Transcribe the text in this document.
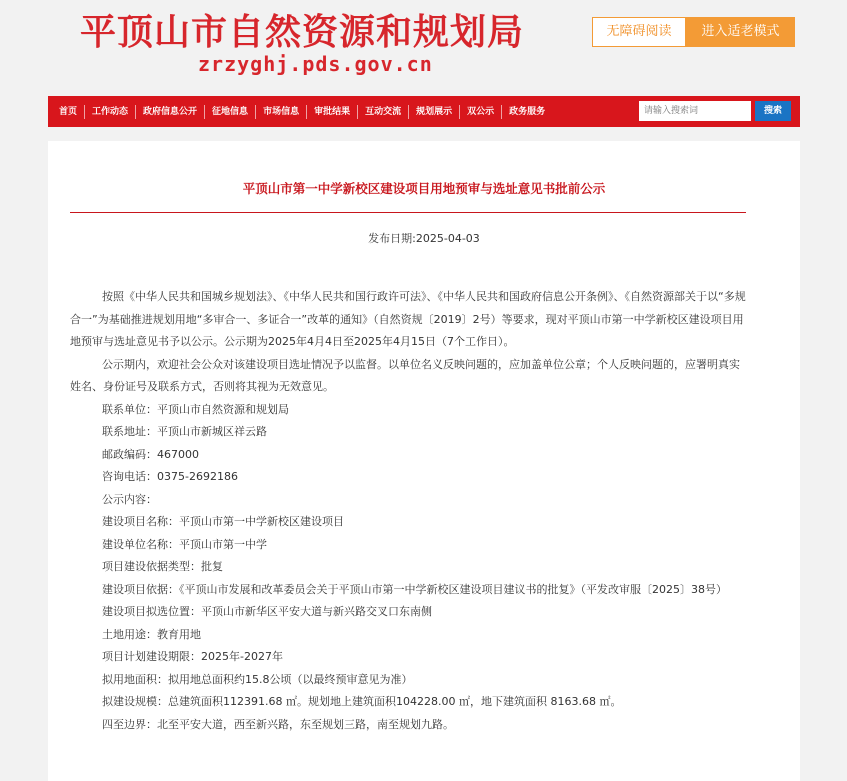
平顶山市自然资源和规划局
zrzyghj.pds.gov.cn
无障碍阅读	进入适老模式
首页	工作动态	政府信息公开	征地信息	市场信息	审批结果	互动交流	规划展示	双公示	政务服务
请输入搜索词	搜索
平顶山市第一中学新校区建设项目用地预审与选址意见书批前公示
发布日期:2025-04-03

按照《中华人民共和国城乡规划法》、《中华人民共和国行政许可法》、《中华人民共和国政府信息公开条例》、《自然资源部关于以“多规合一”为基础推进规划用地“多审合一、多证合一”改革的通知》（自然资规〔2019〕2号）等要求，现对平顶山市第一中学新校区建设项目用地预审与选址意见书予以公示。公示期为2025年4月4日至2025年4月15日（7个工作日）。

公示期内，欢迎社会公众对该建设项目选址情况予以监督。以单位名义反映问题的，应加盖单位公章；个人反映问题的，应署明真实姓名、身份证号及联系方式，否则将其视为无效意见。

联系单位：平顶山市自然资源和规划局

联系地址：平顶山市新城区祥云路

邮政编码：467000

咨询电话：0375-2692186

公示内容：

建设项目名称：平顶山市第一中学新校区建设项目

建设单位名称：平顶山市第一中学

项目建设依据类型：批复

建设项目依据：《平顶山市发展和改革委员会关于平顶山市第一中学新校区建设项目建议书的批复》（平发改审服〔2025〕38号）

建设项目拟选位置：平顶山市新华区平安大道与新兴路交叉口东南侧

土地用途：教育用地

项目计划建设期限：2025年-2027年

拟用地面积：拟用地总面积约15.8公顷（以最终预审意见为准）

拟建设规模：总建筑面积112391.68 ㎡。规划地上建筑面积104228.00 ㎡，地下建筑面积 8163.68 ㎡。

四至边界：北至平安大道，西至新兴路，东至规划三路，南至规划九路。
